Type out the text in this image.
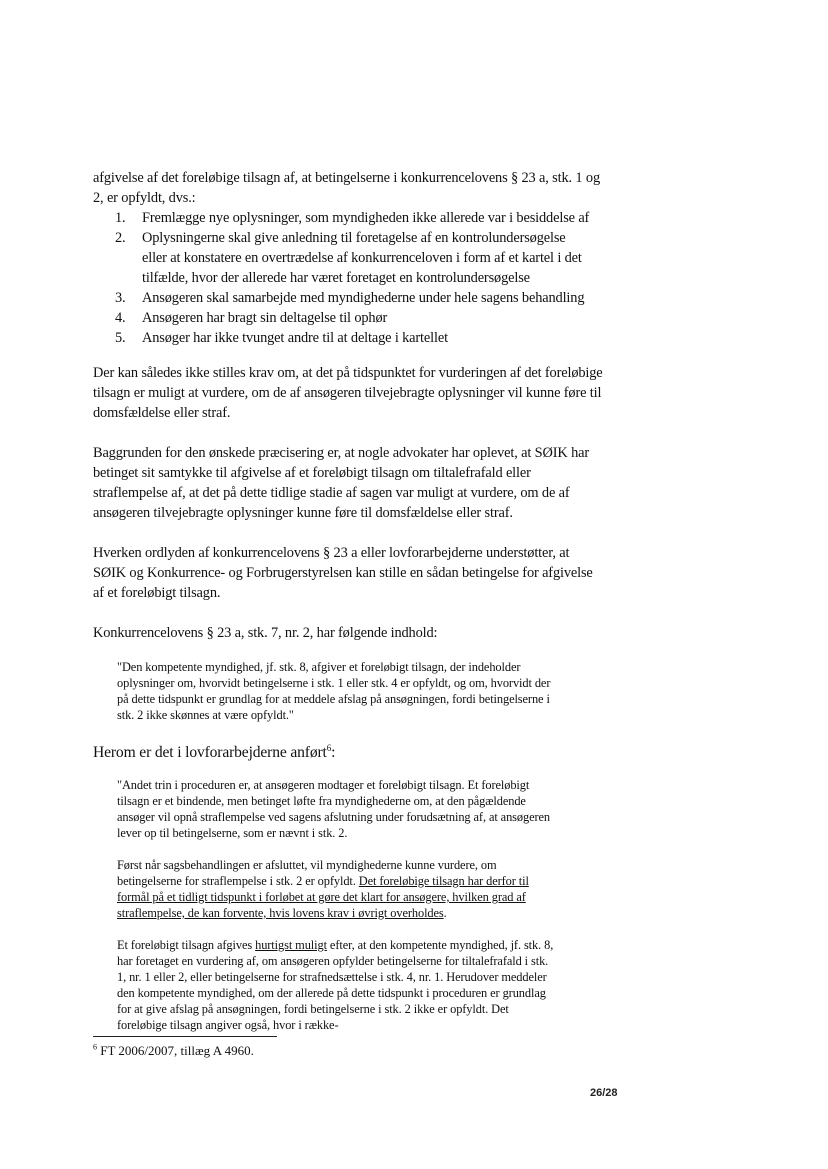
afgivelse af det foreløbige tilsagn af, at betingelserne i konkurrencelovens § 23 a, stk. 1 og 2, er opfyldt, dvs.:

Fremlægge nye oplysninger, som myndigheden ikke allerede var i besiddelse af
Oplysningerne skal give anledning til foretagelse af en kontrolundersøgelse eller at konstatere en overtrædelse af konkurrenceloven i form af et kartel i det tilfælde, hvor der allerede har været foretaget en kontrolundersøgelse
Ansøgeren skal samarbejde med myndighederne under hele sagens behandling
Ansøgeren har bragt sin deltagelse til ophør
Ansøger har ikke tvunget andre til at deltage i kartellet

Der kan således ikke stilles krav om, at det på tidspunktet for vurderingen af det foreløbige tilsagn er muligt at vurdere, om de af ansøgeren tilvejebragte oplysninger vil kunne føre til domsfældelse eller straf.

Baggrunden for den ønskede præcisering er, at nogle advokater har oplevet, at SØIK har betinget sit samtykke til afgivelse af et foreløbigt tilsagn om tiltalefrafald eller straflempelse af, at det på dette tidlige stadie af sagen var muligt at vurdere, om de af ansøgeren tilvejebragte oplysninger kunne føre til domsfældelse eller straf.

Hverken ordlyden af konkurrencelovens § 23 a eller lovforarbejderne understøtter, at SØIK og Konkurrence- og Forbrugerstyrelsen kan stille en sådan betingelse for afgivelse af et foreløbigt tilsagn.

Konkurrencelovens § 23 a, stk. 7, nr. 2, har følgende indhold:

"Den kompetente myndighed, jf. stk. 8, afgiver et foreløbigt tilsagn, der indeholder oplysninger om, hvorvidt betingelserne i stk. 1 eller stk. 4 er opfyldt, og om, hvorvidt der på dette tidspunkt er grundlag for at meddele afslag på ansøgningen, fordi betingelserne i stk. 2 ikke skønnes at være opfyldt."

Herom er det i lovforarbejderne anført$^6$:

"Andet trin i proceduren er, at ansøgeren modtager et foreløbigt tilsagn. Et foreløbigt tilsagn er et bindende, men betinget løfte fra myndighederne om, at den pågældende ansøger vil opnå straflempelse ved sagens afslutning under forudsætning af, at ansøgeren lever op til betingelserne, som er nævnt i stk. 2.

Først når sagsbehandlingen er afsluttet, vil myndighederne kunne vurdere, om betingelserne for straflempelse i stk. 2 er opfyldt. Det foreløbige tilsagn har derfor til formål på et tidligt tidspunkt i forløbet at gøre det klart for ansøgere, hvilken grad af straflempelse, de kan forvente, hvis lovens krav i øvrigt overholdes.

Et foreløbigt tilsagn afgives hurtigst muligt efter, at den kompetente myndighed, jf. stk. 8, har foretaget en vurdering af, om ansøgeren opfylder betingelserne for tiltalefrafald i stk. 1, nr. 1 eller 2, eller betingelserne for strafnedsættelse i stk. 4, nr. 1. Herudover meddeler den kompetente myndighed, om der allerede på dette tidspunkt i proceduren er grundlag for at give afslag på ansøgningen, fordi betingelserne i stk. 2 ikke er opfyldt. Det foreløbige tilsagn angiver også, hvor i række-

$^6$ FT 2006/2007, tillæg A 4960.
26/28
